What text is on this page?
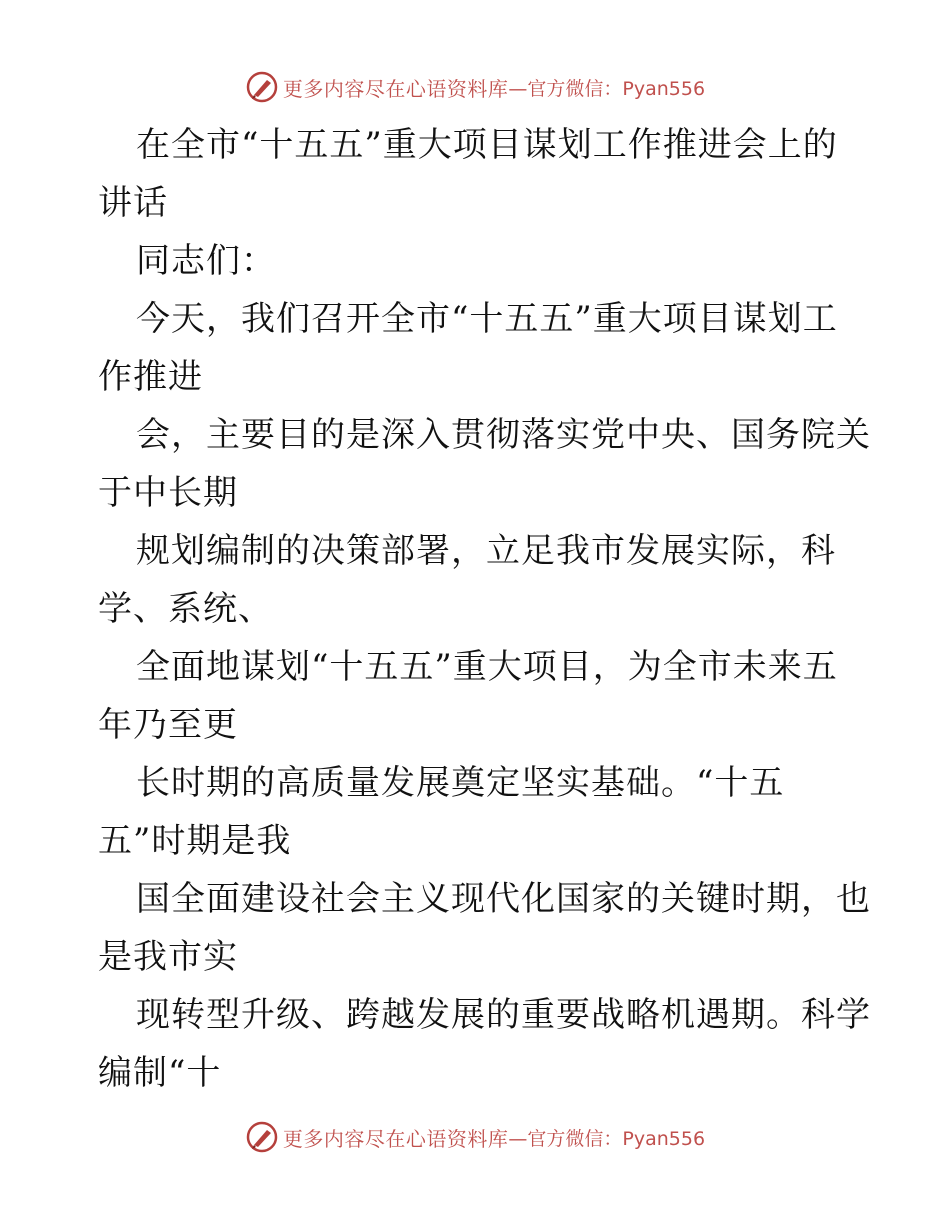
更多内容尽在心语资料库 —官方微信：Pyan556
在全市“十五五”重大项目谋划工作推进会上的
讲话
同志们：
今天，我们召开全市“十五五”重大项目谋划工
作推进
会，主要目的是深入贯彻落实党中央、国务院关
于中长期
规划编制的决策部署，立足我市发展实际，科
学、系统、
全面地谋划“十五五”重大项目，为全市未来五
年乃至更
长时期的高质量发展奠定坚实基础。“十五
五”时期是我
国全面建设社会主义现代化国家的关键时期，也
是我市实
现转型升级、跨越发展的重要战略机遇期。科学
编制“十
更多内容尽在心语资料库 —官方微信：Pyan556
